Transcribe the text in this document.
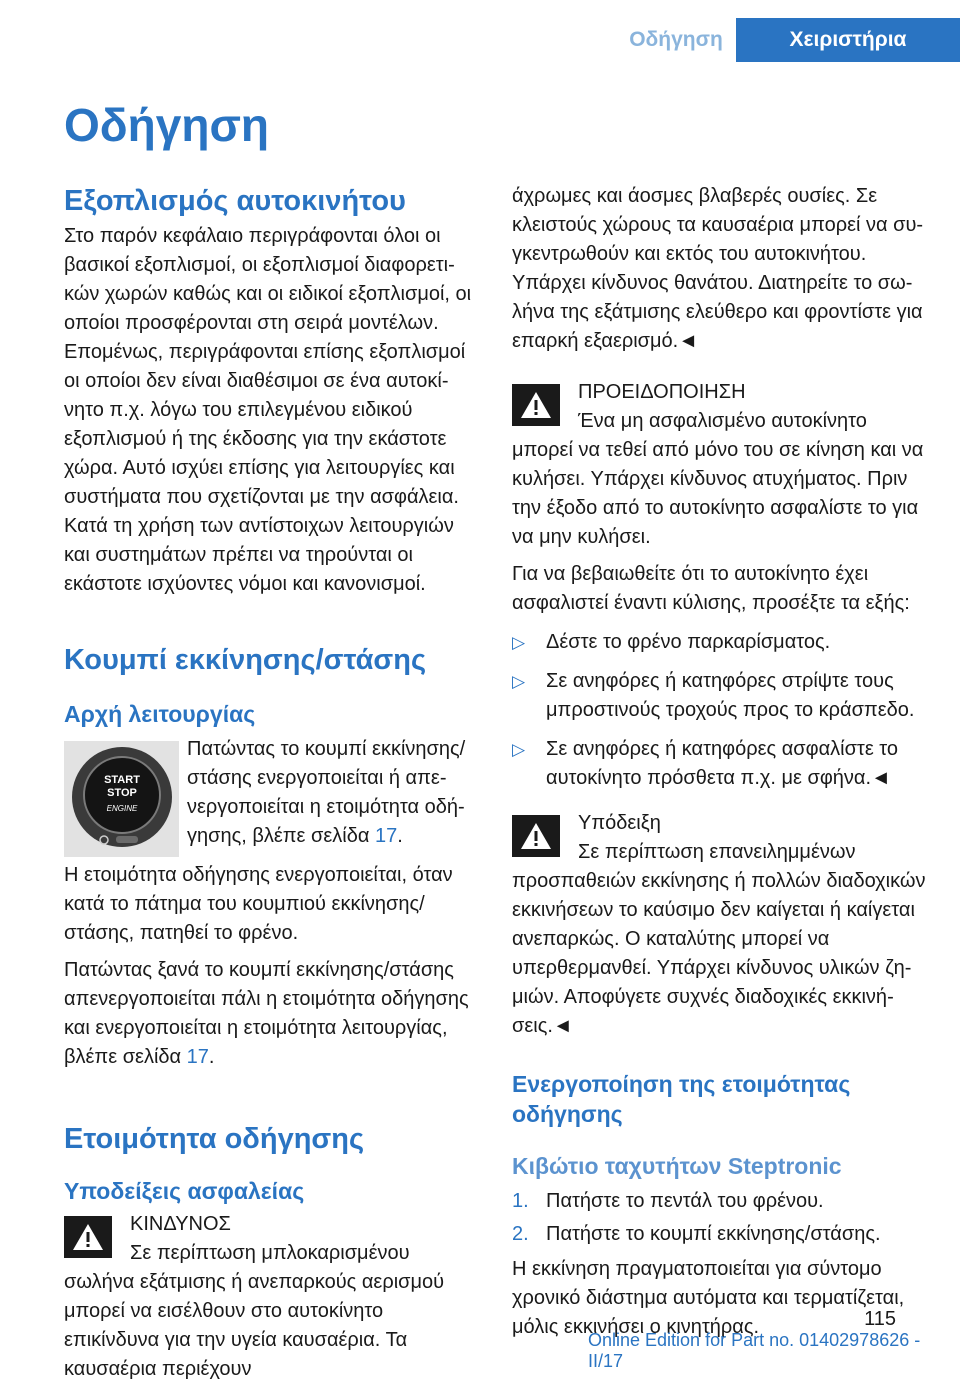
Οδήγηση	Χειριστήρια
Οδήγηση
Εξοπλισμός αυτοκινήτου

Στο παρόν κεφάλαιο περιγράφονται όλοι οι βασικοί εξοπλισμοί, οι εξοπλισμοί διαφορετικών χωρών καθώς και οι ειδικοί εξοπλισμοί, οι οποίοι προσφέρονται στη σειρά μοντέλων. Επομένως, περιγράφονται επίσης εξοπλισμοί οι οποίοι δεν είναι διαθέσιμοι σε ένα αυτοκίνητο π.χ. λόγω του επιλεγμένου ειδικού εξοπλισμού ή της έκδοσης για την εκάστοτε χώρα. Αυτό ισχύει επίσης για λειτουργίες και συστήματα που σχετίζονται με την ασφάλεια. Κατά τη χρήση των αντίστοιχων λειτουργιών και συστημάτων πρέπει να τηρούνται οι εκάστοτε ισχύοντες νόμοι και κανονισμοί.

Κουμπί εκκίνησης/στάσης
Αρχή λειτουργίας
START
STOP
ENGINE

Πατώντας το κουμπί εκκίνησης/στάσης ενεργοποιείται ή απενεργοποιείται η ετοιμότητα οδήγησης, βλέπε σελίδα 17.

Η ετοιμότητα οδήγησης ενεργοποιείται, όταν κατά το πάτημα του κουμπιού εκκίνησης/στάσης, πατηθεί το φρένο.

Πατώντας ξανά το κουμπί εκκίνησης/στάσης απενεργοποιείται πάλι η ετοιμότητα οδήγησης και ενεργοποιείται η ετοιμότητα λειτουργίας, βλέπε σελίδα 17.

Ετοιμότητα οδήγησης
Υποδείξεις ασφαλείας

ΚΙΝΔΥΝΟΣ

Σε περίπτωση μπλοκαρισμένου σωλήνα εξάτμισης ή ανεπαρκούς αερισμού μπορεί να εισέλθουν στο αυτοκίνητο επικίνδυνα για την υγεία καυσαέρια. Τα καυσαέρια περιέχουν

άχρωμες και άοσμες βλαβερές ουσίες. Σε κλειστούς χώρους τα καυσαέρια μπορεί να συγκεντρωθούν και εκτός του αυτοκινήτου. Υπάρχει κίνδυνος θανάτου. Διατηρείτε το σωλήνα της εξάτμισης ελεύθερο και φροντίστε για επαρκή εξαερισμό.◄

ΠΡΟΕΙΔΟΠΟΙΗΣΗ

Ένα μη ασφαλισμένο αυτοκίνητο μπορεί να τεθεί από μόνο του σε κίνηση και να κυλήσει. Υπάρχει κίνδυνος ατυχήματος. Πριν την έξοδο από το αυτοκίνητο ασφαλίστε το για να μην κυλήσει.

Για να βεβαιωθείτε ότι το αυτοκίνητο έχει ασφαλιστεί έναντι κύλισης, προσέξτε τα εξής:

▷ Δέστε το φρένο παρκαρίσματος.
▷ Σε ανηφόρες ή κατηφόρες στρίψτε τους μπροστινούς τροχούς προς το κράσπεδο.
▷ Σε ανηφόρες ή κατηφόρες ασφαλίστε το αυτοκίνητο πρόσθετα π.χ. με σφήνα.◄

Υπόδειξη

Σε περίπτωση επανειλημμένων προσπαθειών εκκίνησης ή πολλών διαδοχικών εκκινήσεων το καύσιμο δεν καίγεται ή καίγεται ανεπαρκώς. Ο καταλύτης μπορεί να υπερθερμανθεί. Υπάρχει κίνδυνος υλικών ζημιών. Αποφύγετε συχνές διαδοχικές εκκινήσεις.◄

Ενεργοποίηση της ετοιμότητας οδήγησης
Κιβώτιο ταχυτήτων Steptronic
1. Πατήστε το πεντάλ του φρένου.
2. Πατήστε το κουμπί εκκίνησης/στάσης.

Η εκκίνηση πραγματοποιείται για σύντομο χρονικό διάστημα αυτόματα και τερματίζεται, μόλις εκκινήσει ο κινητήρας.	115
Online Edition for Part no. 01402978626 - II/17
